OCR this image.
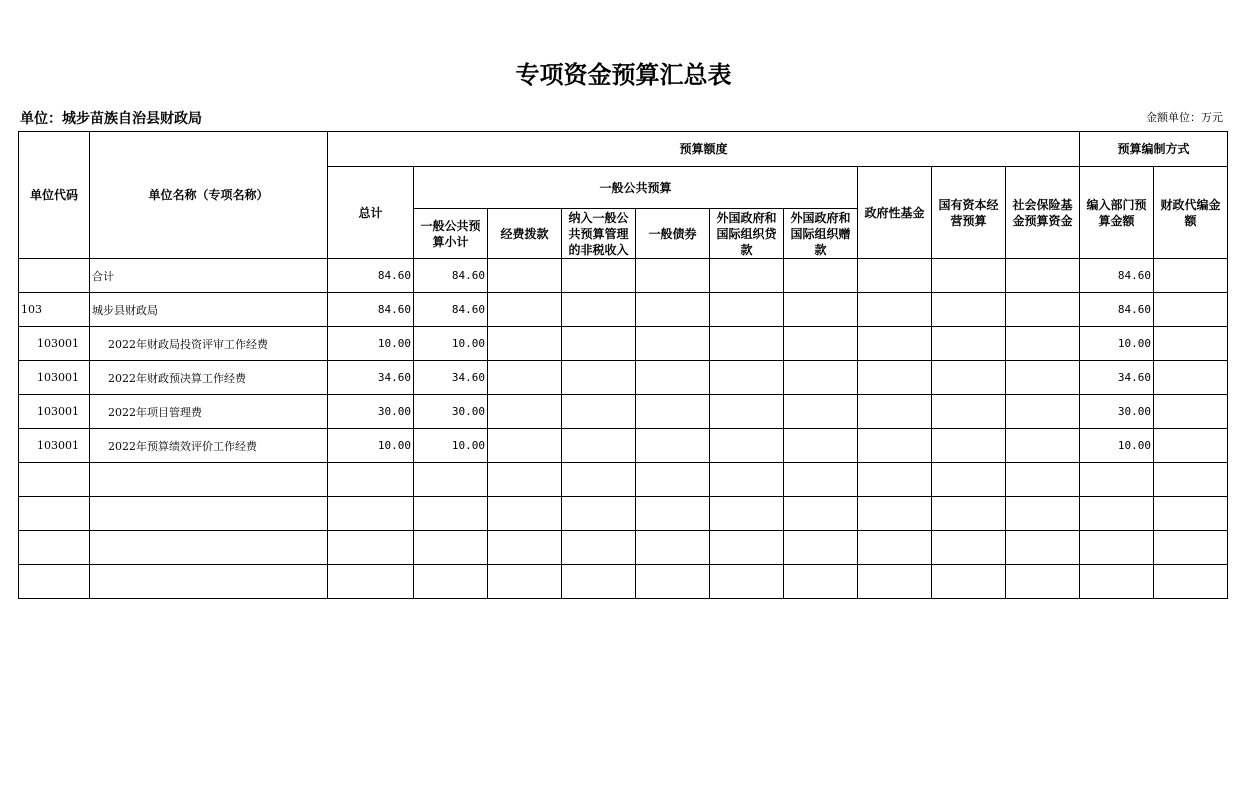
专项资金预算汇总表
单位：城步苗族自治县财政局	金额单位：万元
单位代码	单位名称（专项名称）	预算额度										预算编制方式	
		总计	一般公共预算						政府性基金	国有资本经营预算	社会保险基金预算资金	编入部门预算金额	财政代编金额
			一般公共预算小计	经费拨款	纳入一般公共预算管理的非税收入	一般债券	外国政府和国际组织贷款	外国政府和国际组织赠款					
	合计	84.60	84.60									84.60	
103	城步县财政局	84.60	84.60									84.60	
103001	2022年财政局投资评审工作经费	10.00	10.00									10.00	
103001	2022年财政预决算工作经费	34.60	34.60									34.60	
103001	2022年项目管理费	30.00	30.00									30.00	
103001	2022年预算绩效评价工作经费	10.00	10.00									10.00	
